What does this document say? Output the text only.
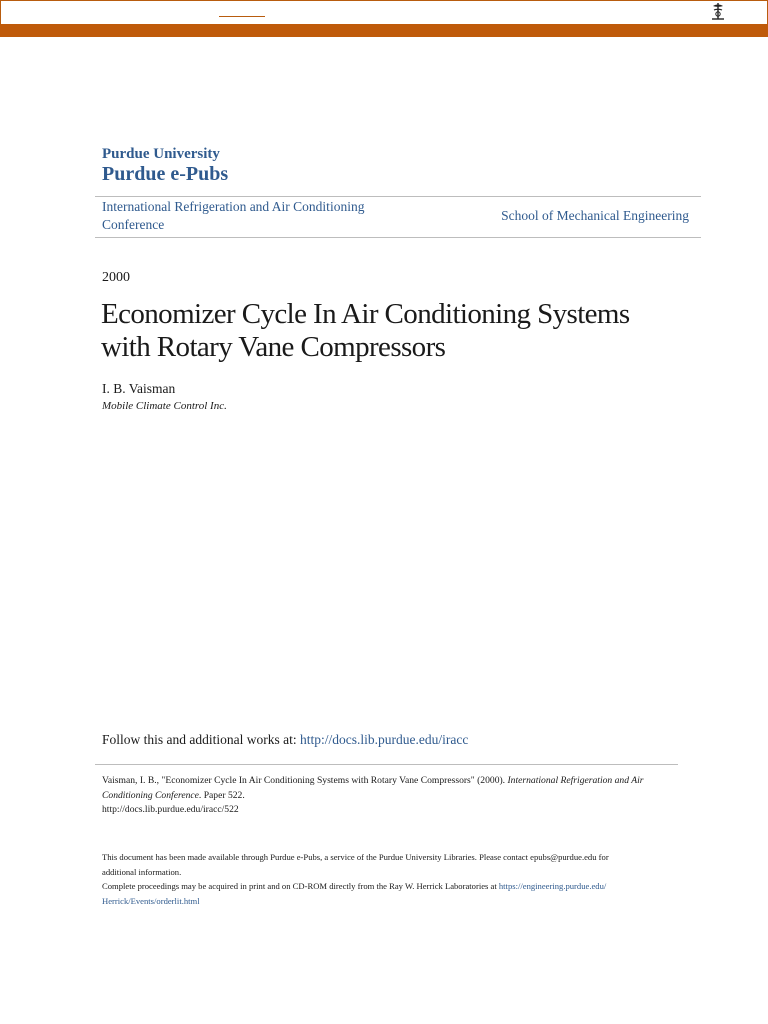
Purdue University
Purdue e-Pubs
International Refrigeration and Air Conditioning
Conference
School of Mechanical Engineering
2000
Economizer Cycle In Air Conditioning Systems
with Rotary Vane Compressors
I. B. Vaisman
Mobile Climate Control Inc.
Follow this and additional works at: http://docs.lib.purdue.edu/iracc
Vaisman, I. B., "Economizer Cycle In Air Conditioning Systems with Rotary Vane Compressors" (2000). International Refrigeration and Air Conditioning Conference. Paper 522.
http://docs.lib.purdue.edu/iracc/522
This document has been made available through Purdue e-Pubs, a service of the Purdue University Libraries. Please contact epubs@purdue.edu for
additional information.
Complete proceedings may be acquired in print and on CD-ROM directly from the Ray W. Herrick Laboratories at https://engineering.purdue.edu/
Herrick/Events/orderlit.html
